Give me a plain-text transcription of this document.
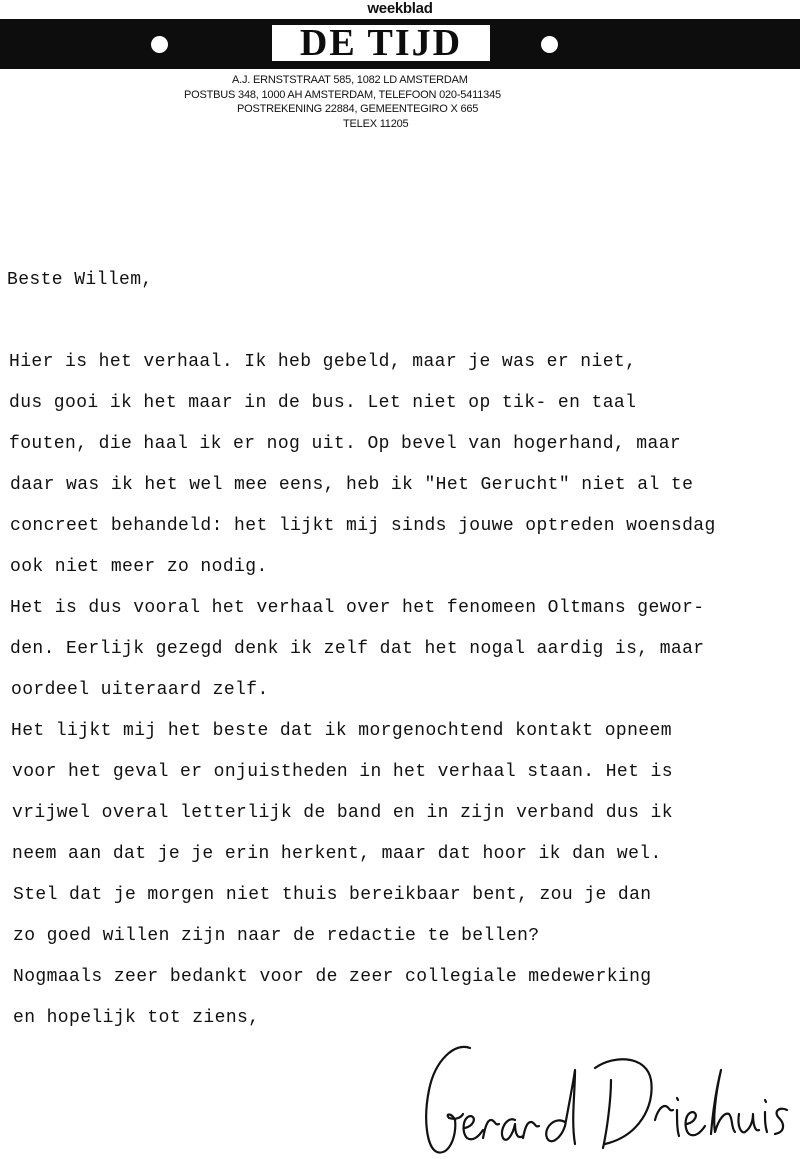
weekblad
DE TIJD
A.J. ERNSTSTRAAT 585, 1082 LD AMSTERDAM
POSTBUS 348, 1000 AH AMSTERDAM, TELEFOON 020-5411345
POSTREKENING 22884, GEMEENTEGIRO X 665
TELEX 11205

Beste Willem,

Hier is het verhaal. Ik heb gebeld, maar je was er niet,

dus gooi ik het maar in de bus. Let niet op tik- en taal

fouten, die haal ik er nog uit. Op bevel van hogerhand, maar

daar was ik het wel mee eens, heb ik "Het Gerucht" niet al te

concreet behandeld: het lijkt mij sinds jouwe optreden woensdag

ook niet meer zo nodig.

Het is dus vooral het verhaal over het fenomeen Oltmans gewor-

den. Eerlijk gezegd denk ik zelf dat het nogal aardig is, maar

oordeel uiteraard zelf.

Het lijkt mij het beste dat ik morgenochtend kontakt opneem

voor het geval er onjuistheden in het verhaal staan. Het is

vrijwel overal letterlijk de band en in zijn verband dus ik

neem aan dat je je erin herkent, maar dat hoor ik dan wel.

Stel dat je morgen niet thuis bereikbaar bent, zou je dan

zo goed willen zijn naar de redactie te bellen?

Nogmaals zeer bedankt voor de zeer collegiale medewerking

en hopelijk tot ziens,
